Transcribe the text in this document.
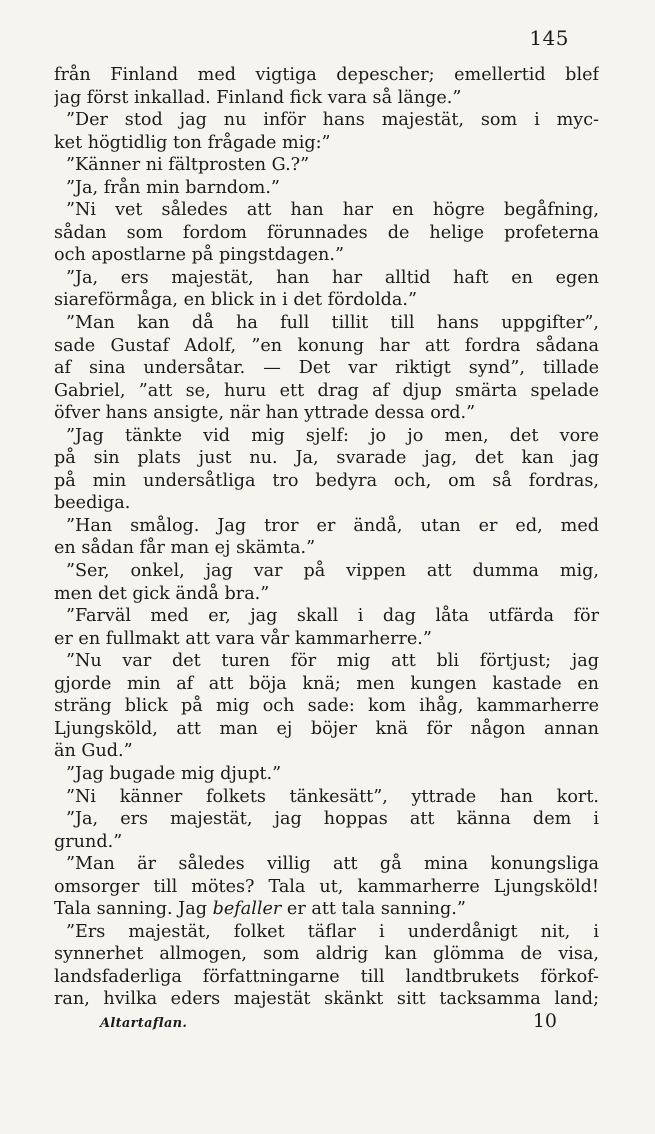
145
från Finland med vigtiga depescher; emellertid blef
jag först inkallad. Finland fick vara så länge.”
”Der stod jag nu inför hans majestät, som i myc-
ket högtidlig ton frågade mig:”
”Känner ni fältprosten G.?”
”Ja, från min barndom.”
”Ni vet således att han har en högre begåfning,
sådan som fordom förunnades de helige profeterna
och apostlarne på pingstdagen.”
”Ja, ers majestät, han har alltid haft en egen
siareförmåga, en blick in i det fördolda.”
”Man kan då ha full tillit till hans uppgifter”,
sade Gustaf Adolf, ”en konung har att fordra sådana
af sina undersåtar. — Det var riktigt synd”, tillade
Gabriel, ”att se, huru ett drag af djup smärta spelade
öfver hans ansigte, när han yttrade dessa ord.”
”Jag tänkte vid mig sjelf: jo jo men, det vore
på sin plats just nu. Ja, svarade jag, det kan jag
på min undersåtliga tro bedyra och, om så fordras,
beediga.
”Han smålog. Jag tror er ändå, utan er ed, med
en sådan får man ej skämta.”
”Ser, onkel, jag var på vippen att dumma mig,
men det gick ändå bra.”
”Farväl med er, jag skall i dag låta utfärda för
er en fullmakt att vara vår kammarherre.”
”Nu var det turen för mig att bli förtjust; jag
gjorde min af att böja knä; men kungen kastade en
sträng blick på mig och sade: kom ihåg, kammarherre
Ljungsköld, att man ej böjer knä för någon annan
än Gud.”
”Jag bugade mig djupt.”
”Ni känner folkets tänkesätt”, yttrade han kort.
”Ja, ers majestät, jag hoppas att känna dem i
grund.”
”Man är således villig att gå mina konungsliga
omsorger till mötes? Tala ut, kammarherre Ljungsköld!
Tala sanning. Jag befaller er att tala sanning.”
”Ers majestät, folket täflar i underdånigt nit, i
synnerhet allmogen, som aldrig kan glömma de visa,
landsfaderliga författningarne till landtbrukets förkof-
ran, hvilka eders majestät skänkt sitt tacksamma land;
Altartaflan.	10
